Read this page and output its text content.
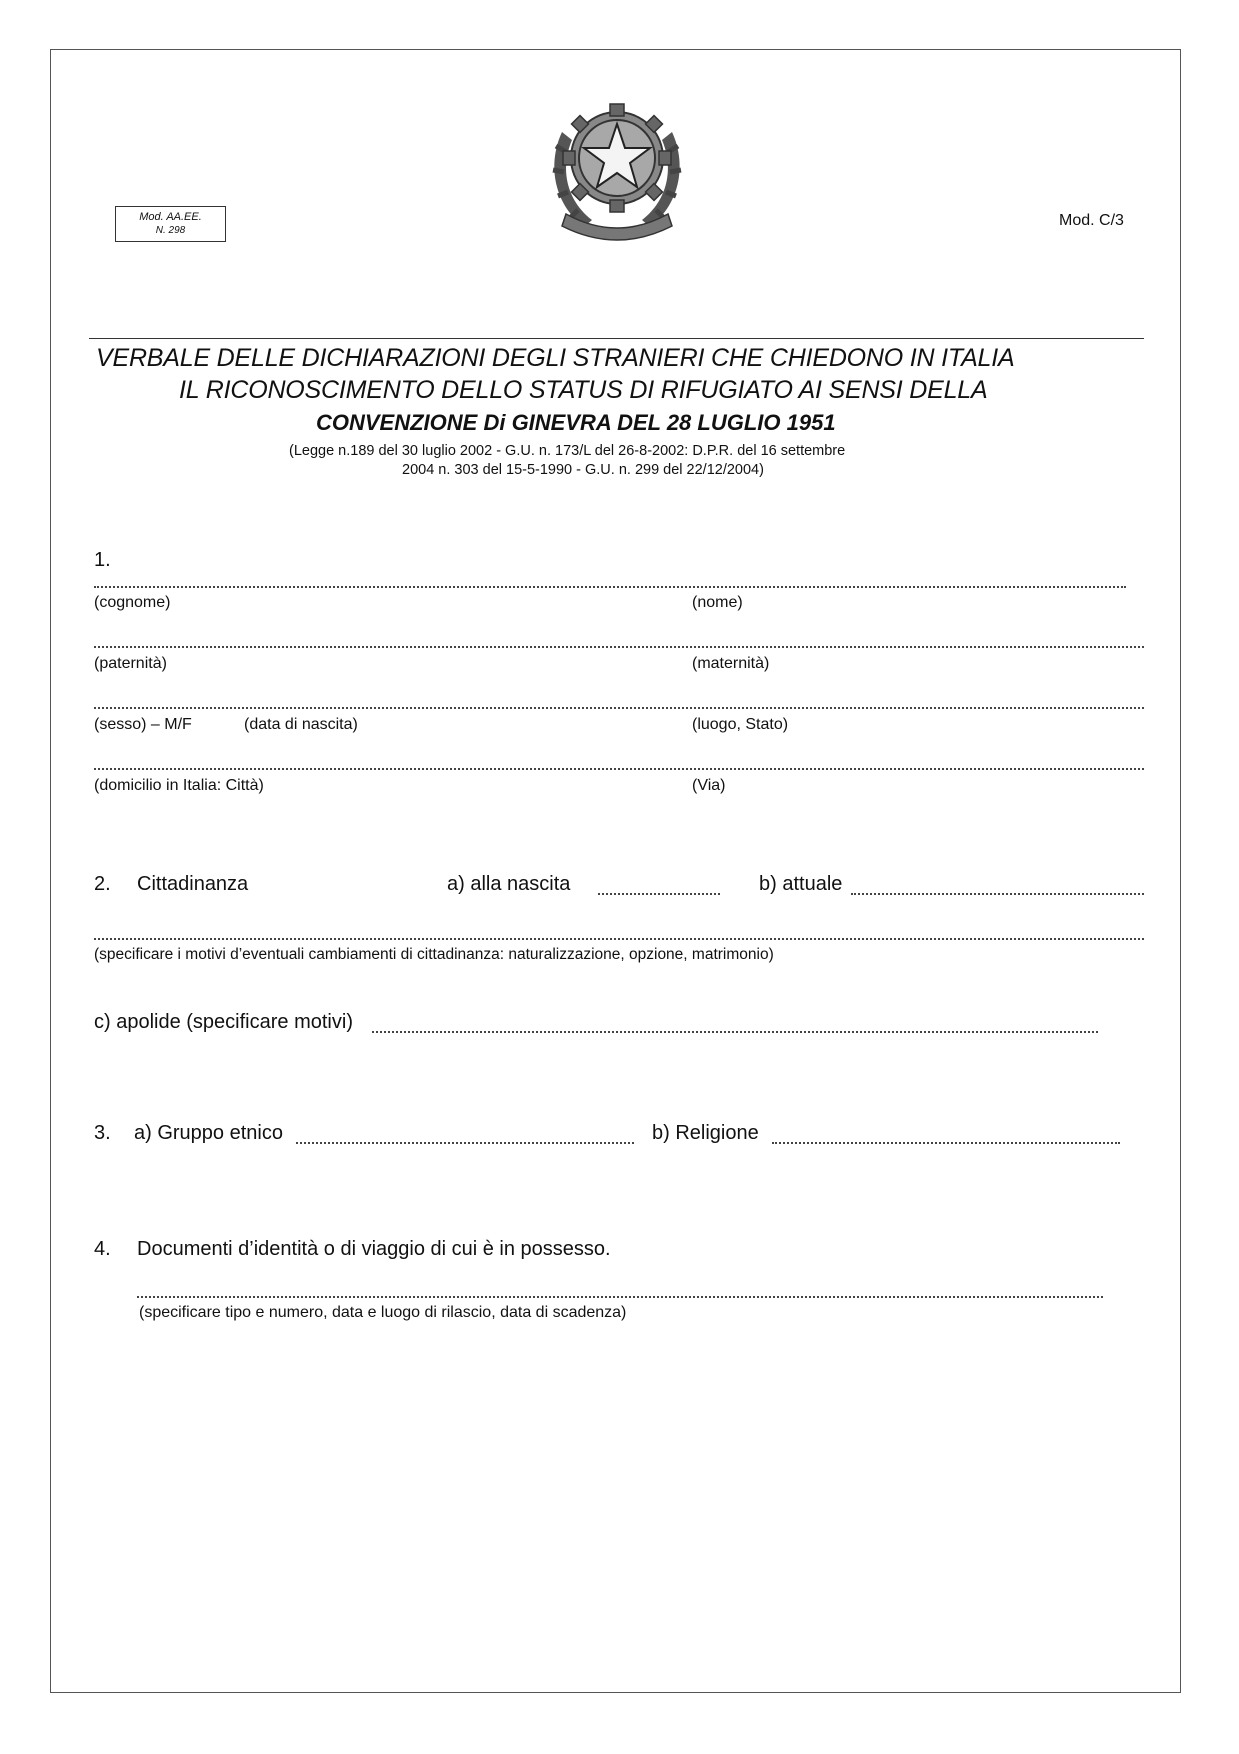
Mod. AA.EE.
N. 298
Mod. C/3
VERBALE DELLE DICHIARAZIONI DEGLI STRANIERI CHE CHIEDONO IN ITALIA
IL RICONOSCIMENTO DELLO STATUS DI RIFUGIATO AI SENSI DELLA
CONVENZIONE Di GINEVRA DEL 28 LUGLIO 1951
(Legge n.189 del 30 luglio 2002 - G.U. n. 173/L del 26-8-2002: D.P.R. del 16 settembre
2004 n. 303 del 15-5-1990 - G.U. n. 299 del 22/12/2004)
1.
(cognome)	(nome)
(paternità)	(maternità)
(sesso) – M/F	(data di nascita)	(luogo, Stato)
(domicilio in Italia: Città)	(Via)
2. Cittadinanza	a) alla nascita	b) attuale
(specificare i motivi d’eventuali cambiamenti di cittadinanza: naturalizzazione, opzione, matrimonio)
c) apolide (specificare motivi)
3. a) Gruppo etnico	b) Religione
4. Documenti d’identità o di viaggio di cui è in possesso.
(specificare tipo e numero, data e luogo di rilascio, data di scadenza)
